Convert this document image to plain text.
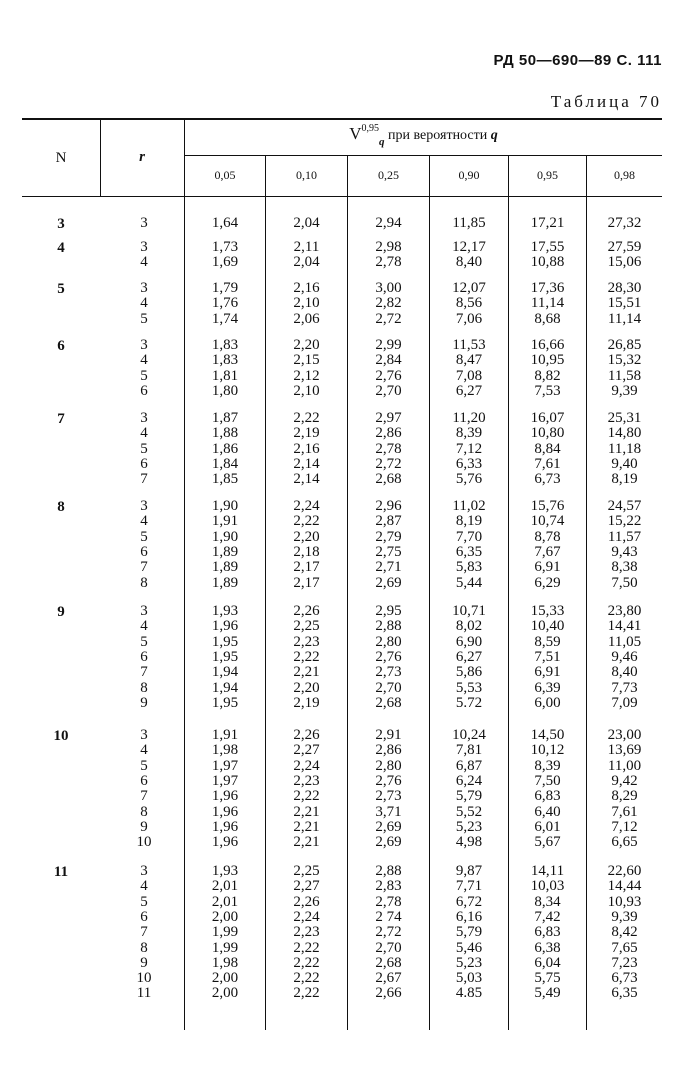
РД 50—690—89 С. 111
Таблица 70
N	r
V$^{0,95}_q$ при вероятности q
0,05	0,10	0,25	0,90	0,95	0,98
3	3	1,64	2,04	2,94	11,85	17,21	27,32
4	3	1,73	2,11	2,98	12,17	17,55	27,59
4	1,69	2,04	2,78	8,40	10,88	15,06
5	3	1,79	2,16	3,00	12,07	17,36	28,30
4	1,76	2,10	2,82	8,56	11,14	15,51
5	1,74	2,06	2,72	7,06	8,68	11,14
6	3	1,83	2,20	2,99	11,53	16,66	26,85
4	1,83	2,15	2,84	8,47	10,95	15,32
5	1,81	2,12	2,76	7,08	8,82	11,58
6	1,80	2,10	2,70	6,27	7,53	9,39
7	3	1,87	2,22	2,97	11,20	16,07	25,31
4	1,88	2,19	2,86	8,39	10,80	14,80
5	1,86	2,16	2,78	7,12	8,84	11,18
6	1,84	2,14	2,72	6,33	7,61	9,40
7	1,85	2,14	2,68	5,76	6,73	8,19
8	3	1,90	2,24	2,96	11,02	15,76	24,57
4	1,91	2,22	2,87	8,19	10,74	15,22
5	1,90	2,20	2,79	7,70	8,78	11,57
6	1,89	2,18	2,75	6,35	7,67	9,43
7	1,89	2,17	2,71	5,83	6,91	8,38
8	1,89	2,17	2,69	5,44	6,29	7,50
9	3	1,93	2,26	2,95	10,71	15,33	23,80
4	1,96	2,25	2,88	8,02	10,40	14,41
5	1,95	2,23	2,80	6,90	8,59	11,05
6	1,95	2,22	2,76	6,27	7,51	9,46
7	1,94	2,21	2,73	5,86	6,91	8,40
8	1,94	2,20	2,70	5,53	6,39	7,73
9	1,95	2,19	2,68	5.72	6,00	7,09
10	3	1,91	2,26	2,91	10,24	14,50	23,00
4	1,98	2,27	2,86	7,81	10,12	13,69
5	1,97	2,24	2,80	6,87	8,39	11,00
6	1,97	2,23	2,76	6,24	7,50	9,42
7	1,96	2,22	2,73	5,79	6,83	8,29
8	1,96	2,21	3,71	5,52	6,40	7,61
9	1,96	2,21	2,69	5,23	6,01	7,12
10	1,96	2,21	2,69	4,98	5,67	6,65
11	3	1,93	2,25	2,88	9,87	14,11	22,60
4	2,01	2,27	2,83	7,71	10,03	14,44
5	2,01	2,26	2,78	6,72	8,34	10,93
6	2,00	2,24	2 74	6,16	7,42	9,39
7	1,99	2,23	2,72	5,79	6,83	8,42
8	1,99	2,22	2,70	5,46	6,38	7,65
9	1,98	2,22	2,68	5,23	6,04	7,23
10	2,00	2,22	2,67	5,03	5,75	6,73
11	2,00	2,22	2,66	4.85	5,49	6,35
